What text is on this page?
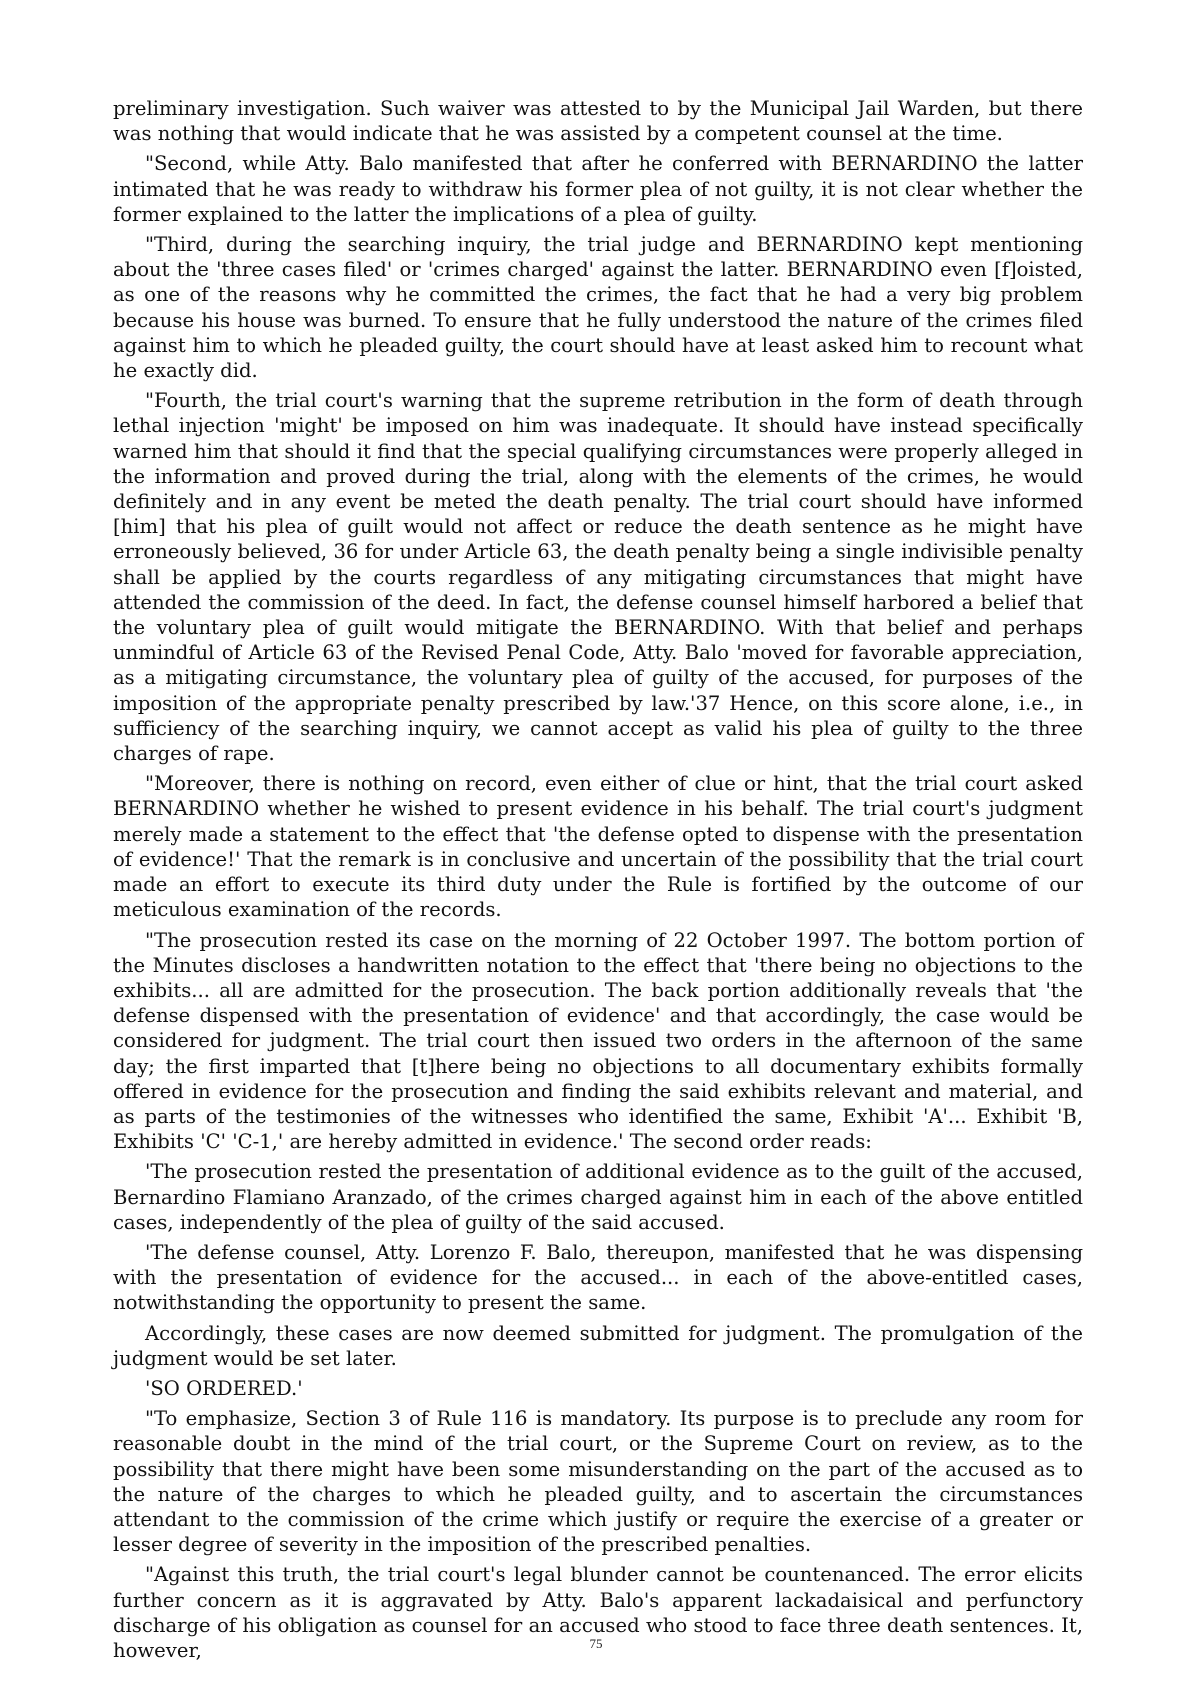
preliminary investigation. Such waiver was attested to by the Municipal Jail Warden, but there was nothing that would indicate that he was assisted by a competent counsel at the time.

"Second, while Atty. Balo manifested that after he conferred with BERNARDINO the latter intimated that he was ready to withdraw his former plea of not guilty, it is not clear whether the former explained to the latter the implications of a plea of guilty.

"Third, during the searching inquiry, the trial judge and BERNARDINO kept mentioning about the 'three cases filed' or 'crimes charged' against the latter. BERNARDINO even [f]oisted, as one of the reasons why he committed the crimes, the fact that he had a very big problem because his house was burned. To ensure that he fully understood the nature of the crimes filed against him to which he pleaded guilty, the court should have at least asked him to recount what he exactly did.

"Fourth, the trial court's warning that the supreme retribution in the form of death through lethal injection 'might' be imposed on him was inadequate. It should have instead specifically warned him that should it find that the special qualifying circumstances were properly alleged in the information and proved during the trial, along with the elements of the crimes, he would definitely and in any event be meted the death penalty. The trial court should have informed [him] that his plea of guilt would not affect or reduce the death sentence as he might have erroneously believed, 36 for under Article 63, the death penalty being a single indivisible penalty shall be applied by the courts regardless of any mitigating circumstances that might have attended the commission of the deed. In fact, the defense counsel himself harbored a belief that the voluntary plea of guilt would mitigate the BERNARDINO. With that belief and perhaps unmindful of Article 63 of the Revised Penal Code, Atty. Balo 'moved for favorable appreciation, as a mitigating circumstance, the voluntary plea of guilty of the accused, for purposes of the imposition of the appropriate penalty prescribed by law.'37 Hence, on this score alone, i.e., in sufficiency of the searching inquiry, we cannot accept as valid his plea of guilty to the three charges of rape.

"Moreover, there is nothing on record, even either of clue or hint, that the trial court asked BERNARDINO whether he wished to present evidence in his behalf. The trial court's judgment merely made a statement to the effect that 'the defense opted to dispense with the presentation of evidence!' That the remark is in conclusive and uncertain of the possibility that the trial court made an effort to execute its third duty under the Rule is fortified by the outcome of our meticulous examination of the records.

"The prosecution rested its case on the morning of 22 October 1997. The bottom portion of the Minutes discloses a handwritten notation to the effect that 'there being no objections to the exhibits... all are admitted for the prosecution. The back portion additionally reveals that 'the defense dispensed with the presentation of evidence' and that accordingly, the case would be considered for judgment. The trial court then issued two orders in the afternoon of the same day; the first imparted that [t]here being no objections to all documentary exhibits formally offered in evidence for the prosecution and finding the said exhibits relevant and material, and as parts of the testimonies of the witnesses who identified the same, Exhibit 'A'... Exhibit 'B, Exhibits 'C' 'C-1,' are hereby admitted in evidence.' The second order reads:

'The prosecution rested the presentation of additional evidence as to the guilt of the accused, Bernardino Flamiano Aranzado, of the crimes charged against him in each of the above entitled cases, independently of the plea of guilty of the said accused.

'The defense counsel, Atty. Lorenzo F. Balo, thereupon, manifested that he was dispensing with the presentation of evidence for the accused... in each of the above-entitled cases, notwithstanding the opportunity to present the same.

Accordingly, these cases are now deemed submitted for judgment. The promulgation of the judgment would be set later.

'SO ORDERED.'

"To emphasize, Section 3 of Rule 116 is mandatory. Its purpose is to preclude any room for reasonable doubt in the mind of the trial court, or the Supreme Court on review, as to the possibility that there might have been some misunderstanding on the part of the accused as to the nature of the charges to which he pleaded guilty, and to ascertain the circumstances attendant to the commission of the crime which justify or require the exercise of a greater or lesser degree of severity in the imposition of the prescribed penalties.

"Against this truth, the trial court's legal blunder cannot be countenanced. The error elicits further concern as it is aggravated by Atty. Balo's apparent lackadaisical and perfunctory discharge of his obligation as counsel for an accused who stood to face three death sentences. It, however,	75
